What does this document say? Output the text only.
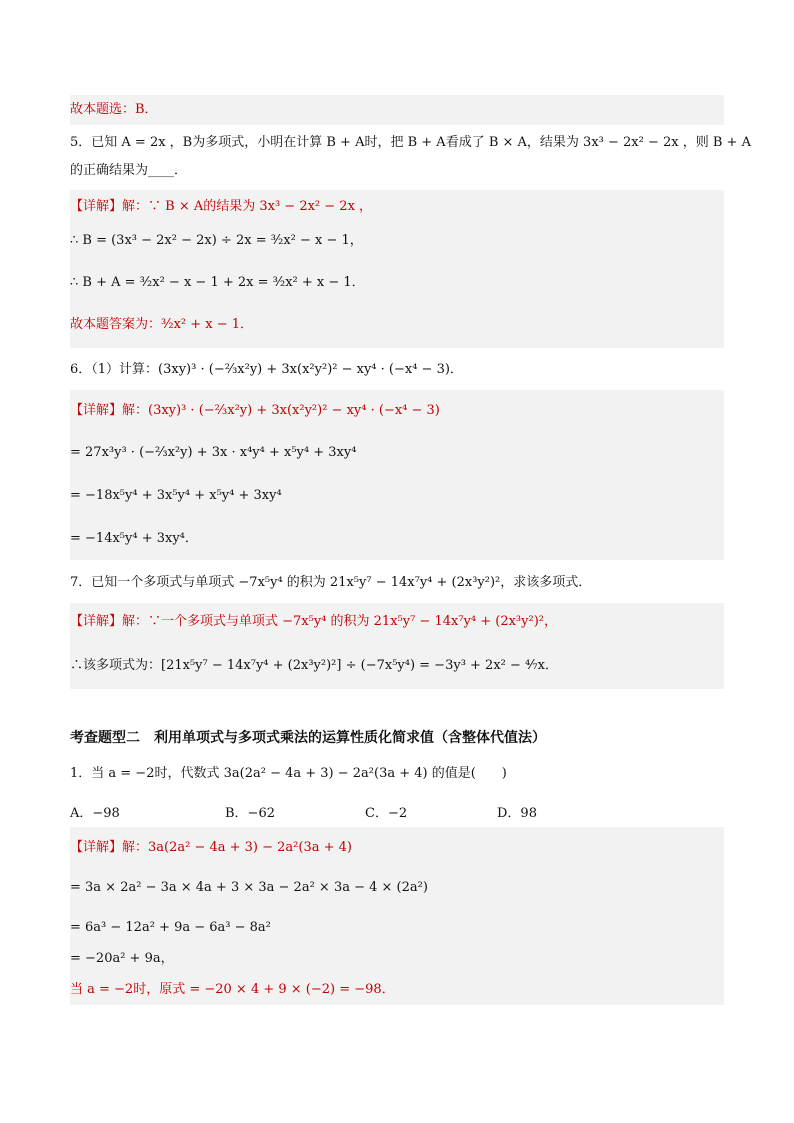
故本题选：B．
5．已知 A = 2x ，B为多项式，小明在计算 B + A时，把 B + A看成了 B × A，结果为 3x³ − 2x² − 2x ，则 B + A
的正确结果为____．
【详解】解：∵ B × A的结果为 3x³ − 2x² − 2x ，
∴ B = (3x³ − 2x² − 2x) ÷ 2x = ³⁄₂x² − x − 1，
∴ B + A = ³⁄₂x² − x − 1 + 2x = ³⁄₂x² + x − 1．
故本题答案为：³⁄₂x² + x − 1．
6．（1）计算：(3xy)³ · (−²⁄₃x²y) + 3x(x²y²)² − xy⁴ · (−x⁴ − 3)．
【详解】解：(3xy)³ · (−²⁄₃x²y) + 3x(x²y²)² − xy⁴ · (−x⁴ − 3)
= 27x³y³ · (−²⁄₃x²y) + 3x · x⁴y⁴ + x⁵y⁴ + 3xy⁴
= −18x⁵y⁴ + 3x⁵y⁴ + x⁵y⁴ + 3xy⁴
= −14x⁵y⁴ + 3xy⁴．
7．已知一个多项式与单项式 −7x⁵y⁴ 的积为 21x⁵y⁷ − 14x⁷y⁴ + (2x³y²)²，求该多项式．
【详解】解：∵一个多项式与单项式 −7x⁵y⁴ 的积为 21x⁵y⁷ − 14x⁷y⁴ + (2x³y²)²，
∴该多项式为：[21x⁵y⁷ − 14x⁷y⁴ + (2x³y²)²] ÷ (−7x⁵y⁴) = −3y³ + 2x² − ⁴⁄₇x．
考查题型二　利用单项式与多项式乘法的运算性质化简求值（含整体代值法）
1．当 a = −2时，代数式 3a(2a² − 4a + 3) − 2a²(3a + 4) 的值是(　　)
A．−98	B．−62	C．−2	D．98
【详解】解：3a(2a² − 4a + 3) − 2a²(3a + 4)
= 3a × 2a² − 3a × 4a + 3 × 3a − 2a² × 3a − 4 × (2a²)
= 6a³ − 12a² + 9a − 6a³ − 8a²
= −20a² + 9a，
当 a = −2时，原式 = −20 × 4 + 9 × (−2) = −98．
